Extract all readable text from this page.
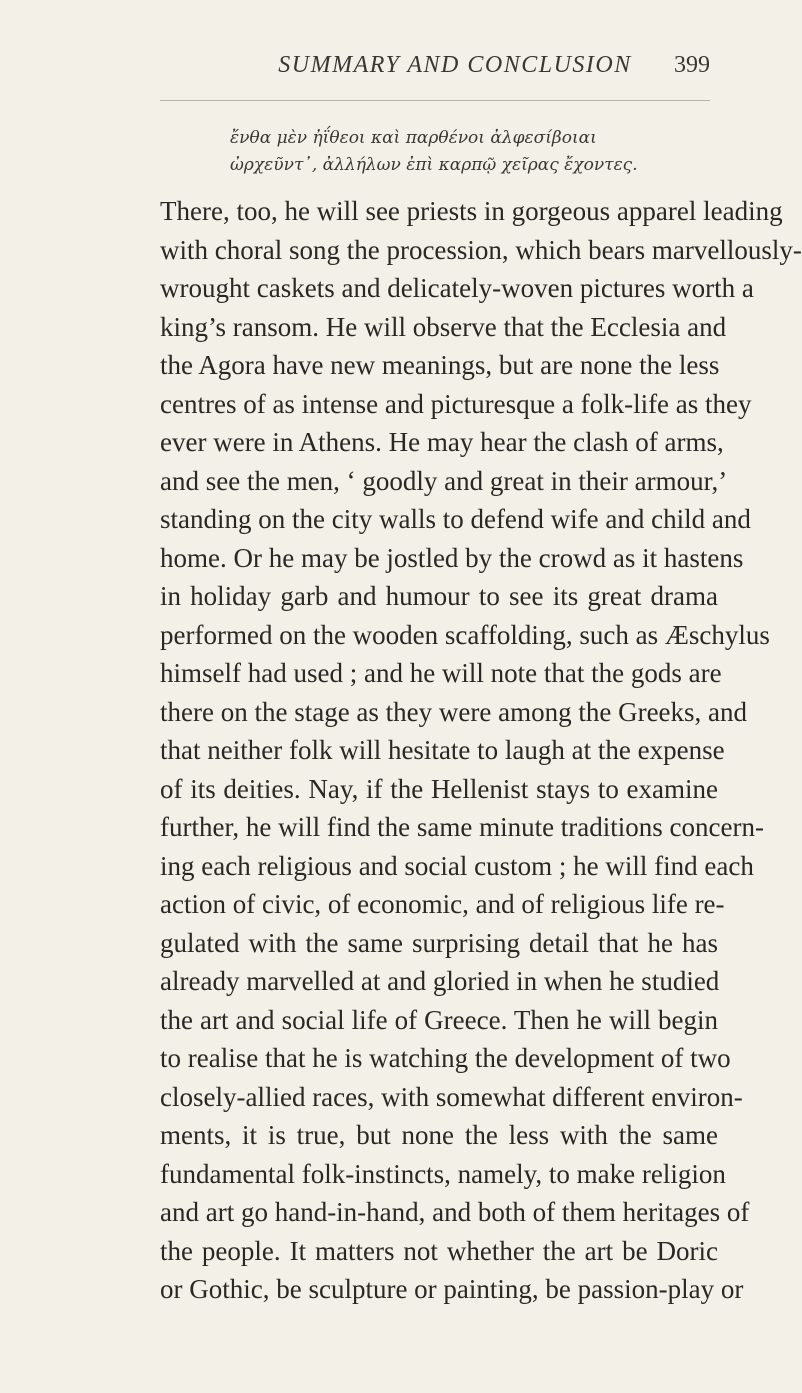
SUMMARY AND CONCLUSION	399
ἔνθα μὲν ἠΐθεοι καὶ παρθένοι ἀλφεσίβοιαι
ὠρχεῦντ᾽, ἀλλήλων ἐπὶ καρπῷ χεῖρας ἔχοντες.
There, too, he will see priests in gorgeous apparel leading
with choral song the procession, which bears marvellously-
wrought caskets and delicately-woven pictures worth a
king’s ransom. He will observe that the Ecclesia and
the Agora have new meanings, but are none the less
centres of as intense and picturesque a folk-life as they
ever were in Athens. He may hear the clash of arms,
and see the men, ‘ goodly and great in their armour,’
standing on the city walls to defend wife and child and
home. Or he may be jostled by the crowd as it hastens
in holiday garb and humour to see its great drama
performed on the wooden scaffolding, such as Æschylus
himself had used ; and he will note that the gods are
there on the stage as they were among the Greeks, and
that neither folk will hesitate to laugh at the expense
of its deities. Nay, if the Hellenist stays to examine
further, he will find the same minute traditions concern-
ing each religious and social custom ; he will find each
action of civic, of economic, and of religious life re-
gulated with the same surprising detail that he has
already marvelled at and gloried in when he studied
the art and social life of Greece. Then he will begin
to realise that he is watching the development of two
closely-allied races, with somewhat different environ-
ments, it is true, but none the less with the same
fundamental folk-instincts, namely, to make religion
and art go hand-in-hand, and both of them heritages of
the people. It matters not whether the art be Doric
or Gothic, be sculpture or painting, be passion-play or
